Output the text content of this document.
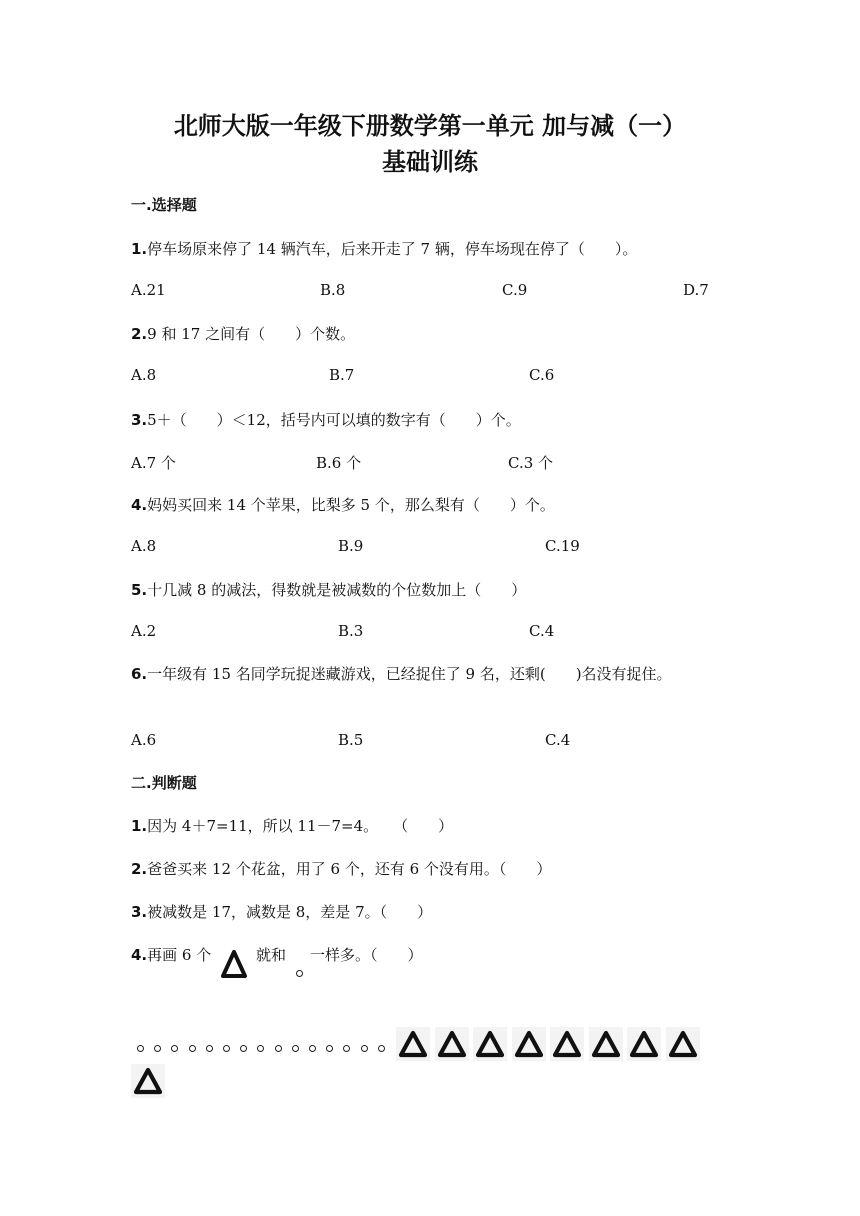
北师大版一年级下册数学第一单元 加与减（一）
基础训练
一.选择题
1.停车场原来停了 14 辆汽车，后来开走了 7 辆，停车场现在停了（　　）。
A.21	B.8	C.9	D.7
2.9 和 17 之间有（　　）个数。
A.8	B.7	C.6
3.5＋（　　）＜12，括号内可以填的数字有（　　）个。
A.7 个	B.6 个	C.3 个
4.妈妈买回来 14 个苹果，比梨多 5 个，那么梨有（　　）个。
A.8	B.9	C.19
5.十几减 8 的减法，得数就是被减数的个位数加上（　　）
A.2	B.3	C.4
6.一年级有 15 名同学玩捉迷藏游戏，已经捉住了 9 名，还剩(　　)名没有捉住。
A.6	B.5	C.4
二.判断题
1.因为 4＋7=11，所以 11－7=4。　　（　　）
2.爸爸买来 12 个花盆，用了 6 个，还有 6 个没有用。（　　）
3.被减数是 17，减数是 8，差是 7。（　　）
4.再画 6 个	就和 一样多。（　　）
